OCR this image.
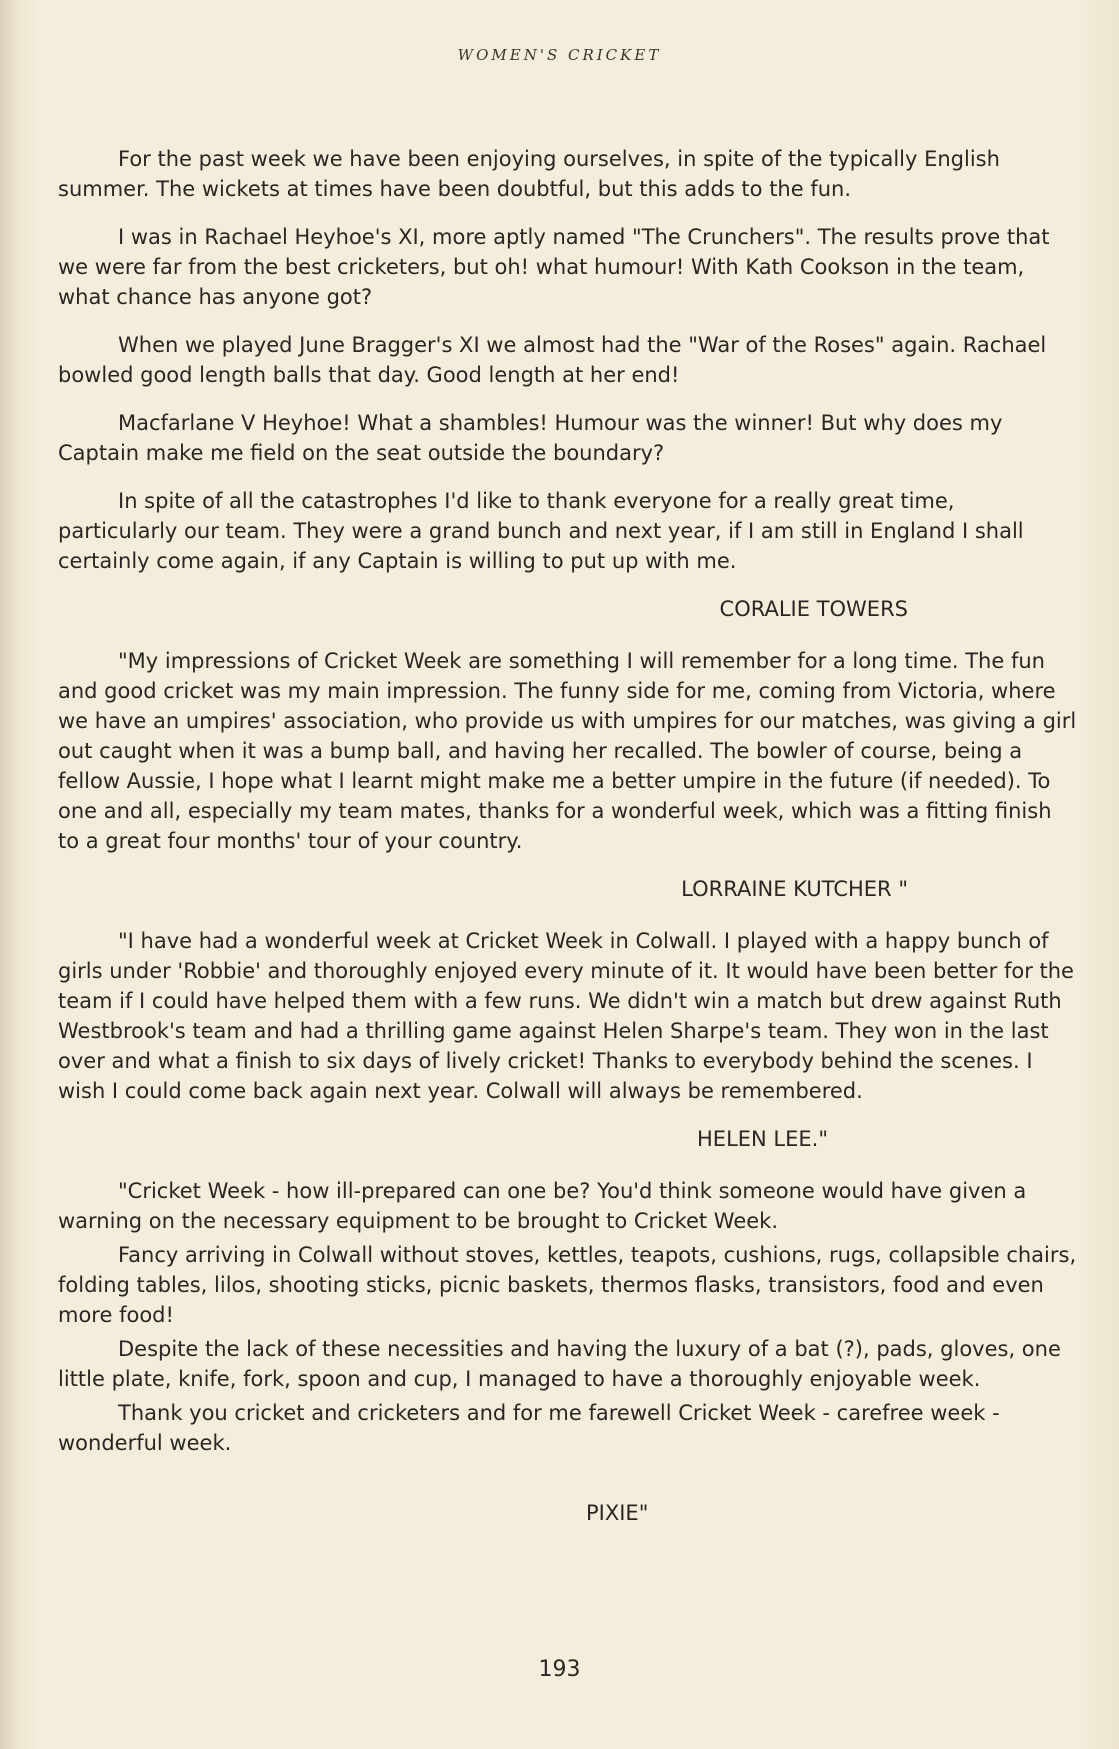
WOMEN'S CRICKET

For the past week we have been enjoying ourselves, in spite of the typically English summer. The wickets at times have been doubtful, but this adds to the fun.

I was in Rachael Heyhoe's XI, more aptly named "The Crunchers". The results prove that we were far from the best cricketers, but oh! what humour! With Kath Cookson in the team, what chance has anyone got?

When we played June Bragger's XI we almost had the "War of the Roses" again. Rachael bowled good length balls that day. Good length at her end!

Macfarlane V Heyhoe! What a shambles! Humour was the winner! But why does my Captain make me field on the seat outside the boundary?

In spite of all the catastrophes I'd like to thank everyone for a really great time, particularly our team. They were a grand bunch and next year, if I am still in England I shall certainly come again, if any Captain is willing to put up with me.

CORALIE TOWERS

"My impressions of Cricket Week are something I will remember for a long time. The fun and good cricket was my main impression. The funny side for me, coming from Victoria, where we have an umpires' association, who provide us with umpires for our matches, was giving a girl out caught when it was a bump ball, and having her recalled. The bowler of course, being a fellow Aussie, I hope what I learnt might make me a better umpire in the future (if needed). To one and all, especially my team mates, thanks for a wonderful week, which was a fitting finish to a great four months' tour of your country.

LORRAINE KUTCHER "

"I have had a wonderful week at Cricket Week in Colwall. I played with a happy bunch of girls under 'Robbie' and thoroughly enjoyed every minute of it. It would have been better for the team if I could have helped them with a few runs. We didn't win a match but drew against Ruth Westbrook's team and had a thrilling game against Helen Sharpe's team. They won in the last over and what a finish to six days of lively cricket! Thanks to everybody behind the scenes. I wish I could come back again next year. Colwall will always be remembered.

HELEN LEE."

"Cricket Week - how ill-prepared can one be? You'd think someone would have given a warning on the necessary equipment to be brought to Cricket Week.

Fancy arriving in Colwall without stoves, kettles, teapots, cushions, rugs, collapsible chairs, folding tables, lilos, shooting sticks, picnic baskets, thermos flasks, transistors, food and even more food!

Despite the lack of these necessities and having the luxury of a bat (?), pads, gloves, one little plate, knife, fork, spoon and cup, I managed to have a thoroughly enjoyable week.

Thank you cricket and cricketers and for me farewell Cricket Week - carefree week - wonderful week.

PIXIE"

193
